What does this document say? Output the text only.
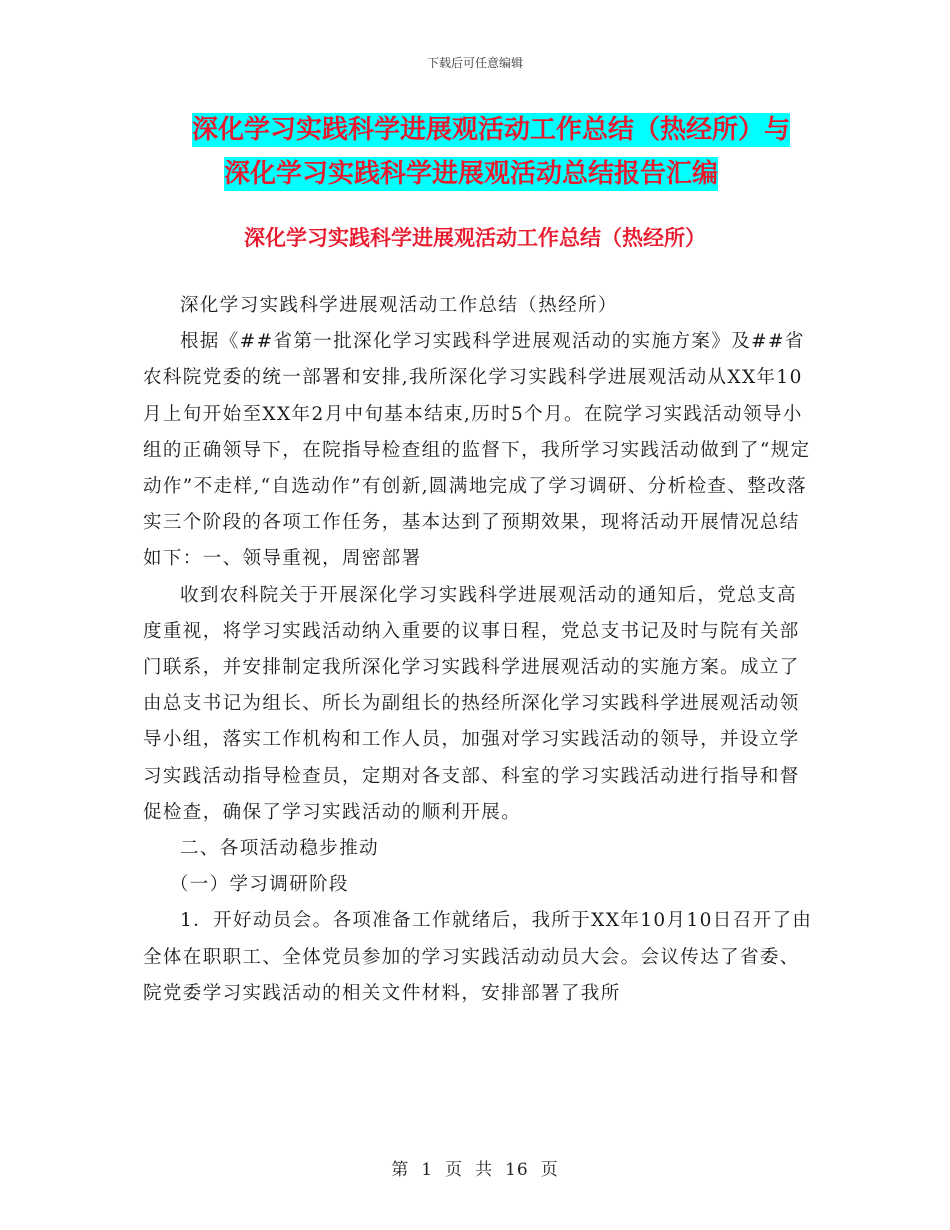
下载后可任意编辑
深化学习实践科学进展观活动工作总结（热经所）与
深化学习实践科学进展观活动总结报告汇编
深化学习实践科学进展观活动工作总结（热经所）

深化学习实践科学进展观活动工作总结（热经所）

根据《##省第一批深化学习实践科学进展观活动的实施方案》及##省农科院党委的统一部署和安排,我所深化学习实践科学进展观活动从XX年10月上旬开始至XX年2月中旬基本结束,历时5个月。在院学习实践活动领导小组的正确领导下，在院指导检查组的监督下，我所学习实践活动做到了“规定动作”不走样,“自选动作”有创新,圆满地完成了学习调研、分析检查、整改落实三个阶段的各项工作任务，基本达到了预期效果，现将活动开展情况总结如下：一、领导重视，周密部署

收到农科院关于开展深化学习实践科学进展观活动的通知后，党总支高度重视，将学习实践活动纳入重要的议事日程，党总支书记及时与院有关部门联系，并安排制定我所深化学习实践科学进展观活动的实施方案。成立了由总支书记为组长、所长为副组长的热经所深化学习实践科学进展观活动领导小组，落实工作机构和工作人员，加强对学习实践活动的领导，并设立学习实践活动指导检查员，定期对各支部、科室的学习实践活动进行指导和督促检查，确保了学习实践活动的顺利开展。

二、各项活动稳步推动

（一）学习调研阶段

1．开好动员会。各项准备工作就绪后，我所于XX年10月10日召开了由全体在职职工、全体党员参加的学习实践活动动员大会。会议传达了省委、院党委学习实践活动的相关文件材料，安排部署了我所

第 1 页 共 16 页
